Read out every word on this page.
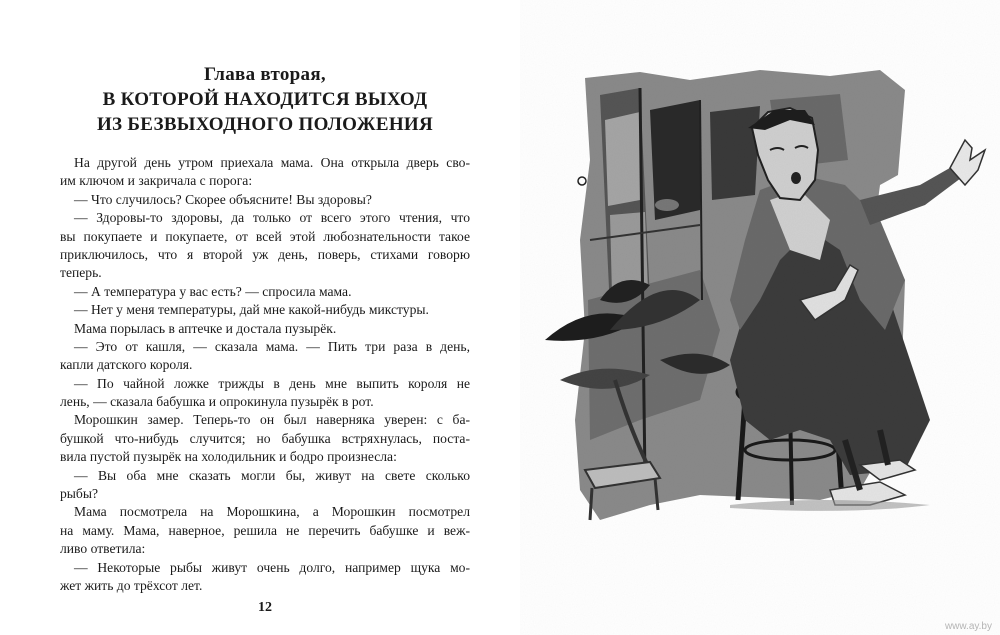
Глава вторая,
В КОТОРОЙ НАХОДИТСЯ ВЫХОД
ИЗ БЕЗВЫХОДНОГО ПОЛОЖЕНИЯ
На другой день утром приехала мама. Она открыла дверь сво-
им ключом и закричала с порога:
— Что случилось? Скорее объясните! Вы здоровы?
— Здоровы-то здоровы, да только от всего этого чтения, что
вы покупаете и покупаете, от всей этой любознательности такое
приключилось, что я второй уж день, поверь, стихами говорю
теперь.
— А температура у вас есть? — спросила мама.
— Нет у меня температуры, дай мне какой-нибудь микстуры.
Мама порылась в аптечке и достала пузырёк.
— Это от кашля, — сказала мама. — Пить три раза в день,
капли датского короля.
— По чайной ложке трижды в день мне выпить короля не
лень, — сказала бабушка и опрокинула пузырёк в рот.
Морошкин замер. Теперь-то он был наверняка уверен: с ба-
бушкой что-нибудь случится; но бабушка встряхнулась, поста-
вила пустой пузырёк на холодильник и бодро произнесла:
— Вы оба мне сказать могли бы, живут на свете сколько
рыбы?
Мама посмотрела на Морошкина, а Морошкин посмотрел
на маму. Мама, наверное, решила не перечить бабушке и веж-
ливо ответила:
— Некоторые рыбы живут очень долго, например щука мо-
жет жить до трёхсот лет.
12
www.ay.by
